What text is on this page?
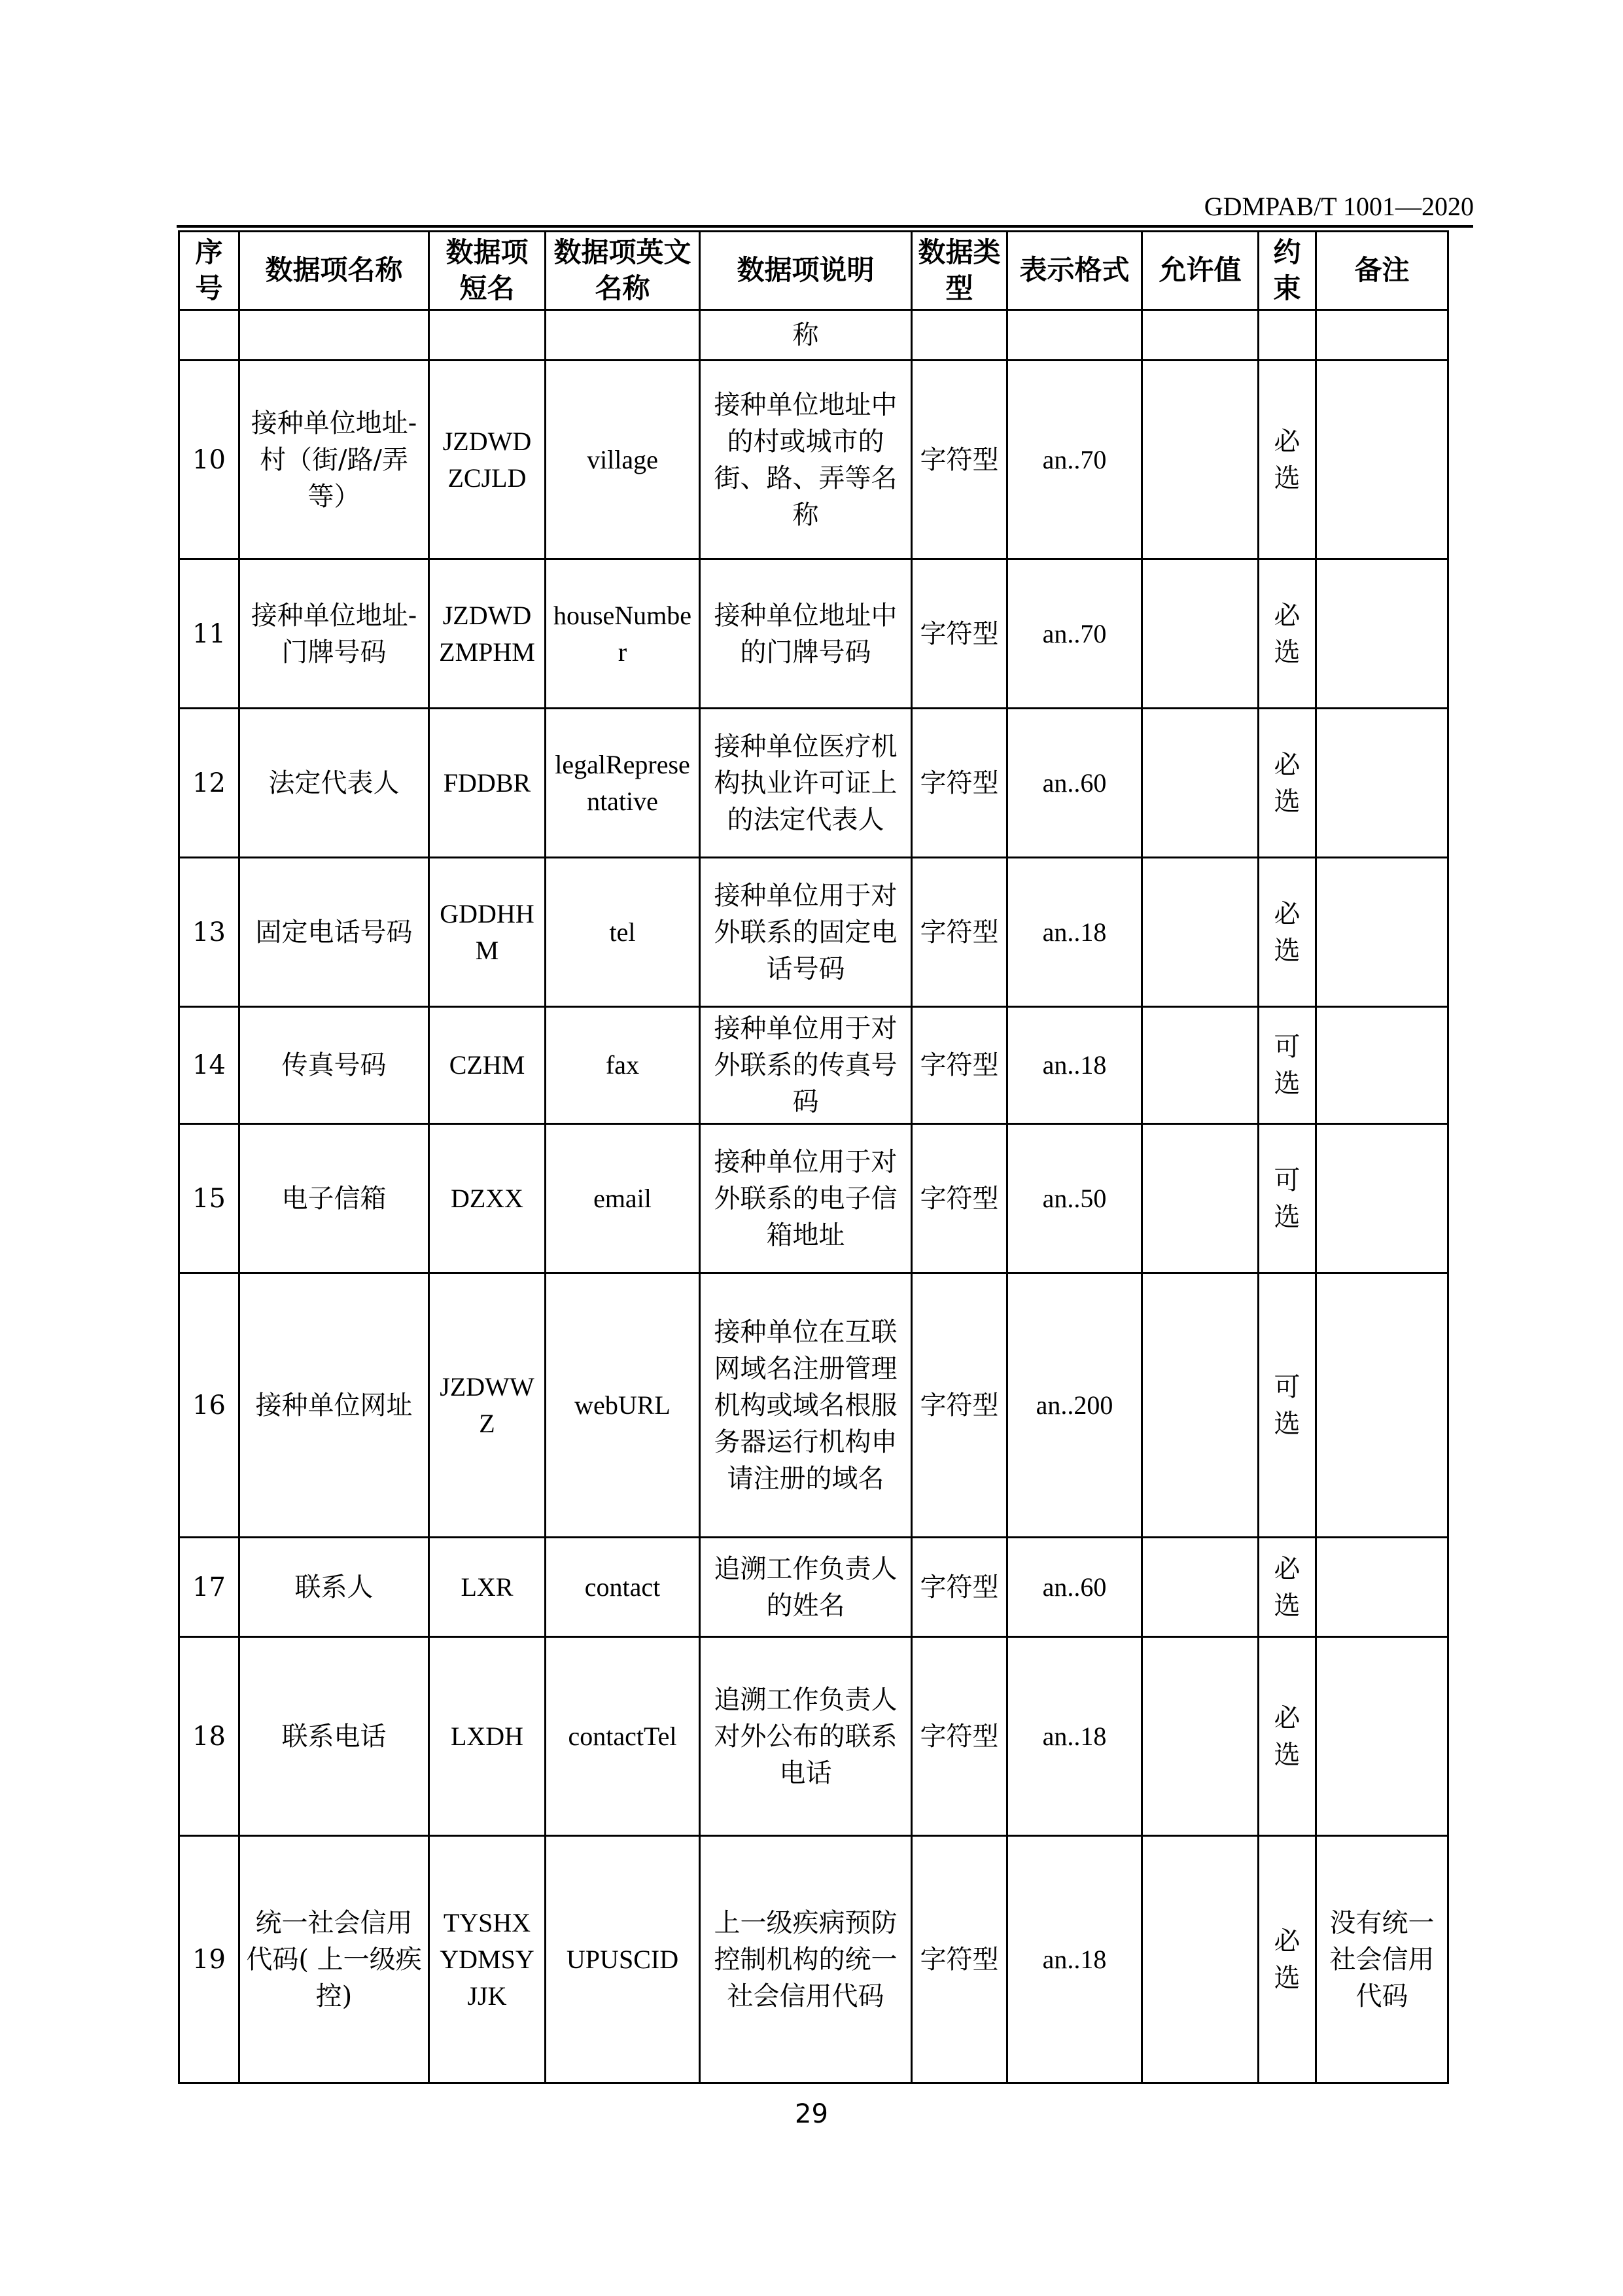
GDMPAB/T 1001—2020
序号	数据项名称	数据项短名	数据项英文名称	数据项说明	数据类型	表示格式	允许值	约束	备注
				称					
10	接种单位地址-村（街/路/弄等）	JZDWDZCJLD	village	接种单位地址中的村或城市的街、路、弄等名称	字符型	an..70		必选	
11	接种单位地址-门牌号码	JZDWDZMPHM	houseNumber	接种单位地址中的门牌号码	字符型	an..70		必选	
12	法定代表人	FDDBR	legalRepresentative	接种单位医疗机构执业许可证上的法定代表人	字符型	an..60		必选	
13	固定电话号码	GDDHHM	tel	接种单位用于对外联系的固定电话号码	字符型	an..18		必选	
14	传真号码	CZHM	fax	接种单位用于对外联系的传真号码	字符型	an..18		可选	
15	电子信箱	DZXX	email	接种单位用于对外联系的电子信箱地址	字符型	an..50		可选	
16	接种单位网址	JZDWWZ	webURL	接种单位在互联网域名注册管理机构或域名根服务器运行机构申请注册的域名	字符型	an..200		可选	
17	联系人	LXR	contact	追溯工作负责人的姓名	字符型	an..60		必选	
18	联系电话	LXDH	contactTel	追溯工作负责人对外公布的联系电话	字符型	an..18		必选	
19	统一社会信用代码( 上一级疾控)	TYSHXYDMSYJJK	UPUSCID	上一级疾病预防控制机构的统一社会信用代码	字符型	an..18		必选	没有统一社会信用代码
29
